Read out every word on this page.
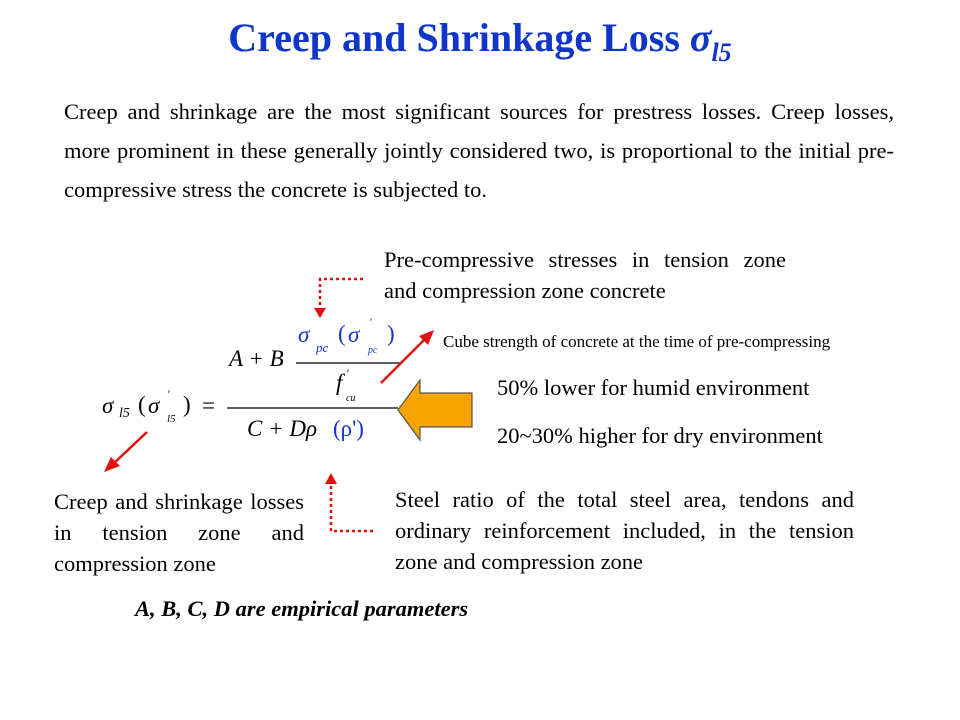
Creep and Shrinkage Loss $\sigma_{l5}$
Creep and shrinkage are the most significant sources for prestress losses. Creep losses, more prominent in these generally jointly considered two, is proportional to the initial pre-compressive stress the concrete is subjected to.
Pre-compressive stresses in tension zone and compression zone concrete
Cube strength of concrete at the time of pre-compressing
50% lower for humid environment
20~30% higher for dry environment
Creep and shrinkage losses in tension zone and compression zone
Steel ratio of the total steel area, tendons and ordinary reinforcement included, in the tension zone and compression zone
A, B, C, D are empirical parameters
σ l5 ( σ '
l5
) =
A + B
σ
pc
( σ '
pc
)
f '
cu
C + Dρ (ρ')
